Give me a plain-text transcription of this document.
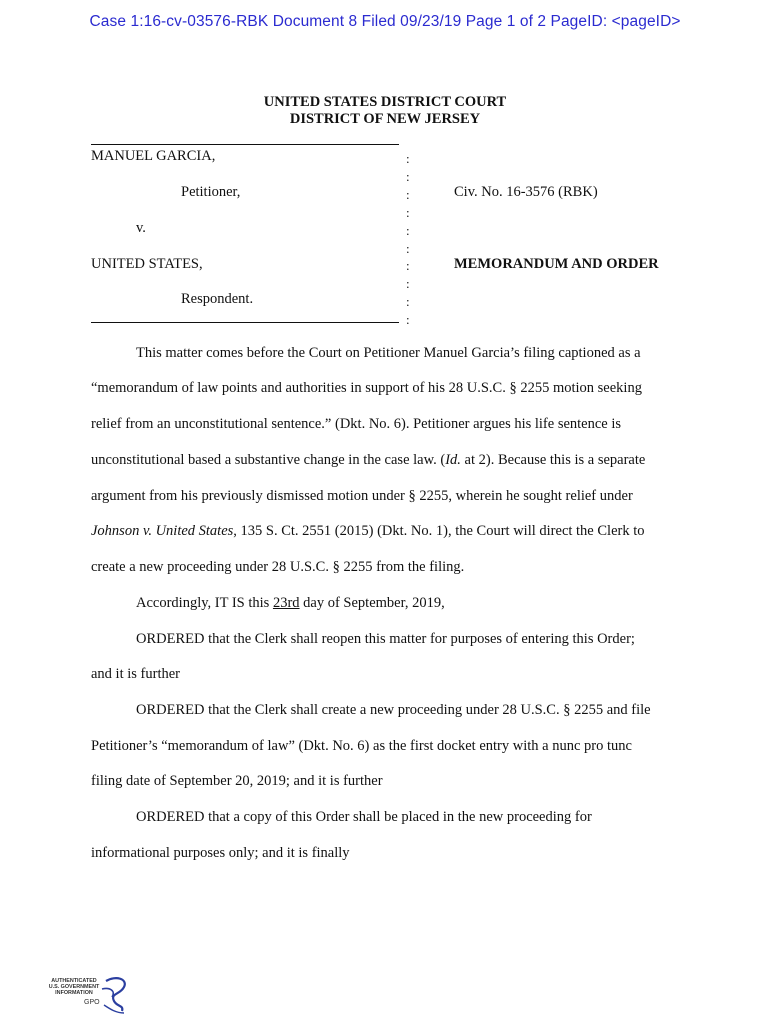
Case 1:16-cv-03576-RBK Document 8 Filed 09/23/19 Page 1 of 2 PageID: <pageID>
UNITED STATES DISTRICT COURT
DISTRICT OF NEW JERSEY
MANUEL GARCIA,
Petitioner,
v.
UNITED STATES,
Respondent.
:
:
:
:
:
:
:
:
:
:
Civ. No. 16-3576 (RBK)
MEMORANDUM AND ORDER
This matter comes before the Court on Petitioner Manuel Garcia’s filing captioned as a
“memorandum of law points and authorities in support of his 28 U.S.C. § 2255 motion seeking
relief from an unconstitutional sentence.” (Dkt. No. 6). Petitioner argues his life sentence is
unconstitutional based a substantive change in the case law. (Id. at 2). Because this is a separate
argument from his previously dismissed motion under § 2255, wherein he sought relief under
Johnson v. United States, 135 S. Ct. 2551 (2015) (Dkt. No. 1), the Court will direct the Clerk to
create a new proceeding under 28 U.S.C. § 2255 from the filing.
Accordingly, IT IS this 23rd day of September, 2019,
ORDERED that the Clerk shall reopen this matter for purposes of entering this Order;
and it is further
ORDERED that the Clerk shall create a new proceeding under 28 U.S.C. § 2255 and file
Petitioner’s “memorandum of law” (Dkt. No. 6) as the first docket entry with a nunc pro tunc
filing date of September 20, 2019; and it is further
ORDERED that a copy of this Order shall be placed in the new proceeding for
informational purposes only; and it is finally
AUTHENTICATED
U.S. GOVERNMENT
INFORMATION
GPO
